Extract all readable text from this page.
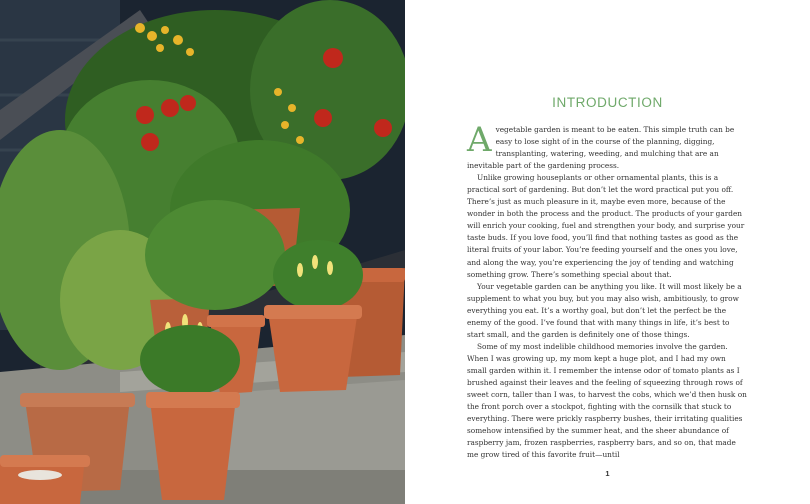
INTRODUCTION

A vegetable garden is meant to be eaten. This simple truth can be easy to lose sight of in the course of the planning, digging, transplanting, watering, weeding, and mulching that are an inevitable part of the gardening process.

Unlike growing houseplants or other ornamental plants, this is a practical sort of gardening. But don’t let the word practical put you off. There’s just as much pleasure in it, maybe even more, because of the wonder in both the process and the product. The products of your garden will enrich your cooking, fuel and strengthen your body, and surprise your taste buds. If you love food, you’ll find that nothing tastes as good as the literal fruits of your labor. You’re feeding yourself and the ones you love, and along the way, you’re experiencing the joy of tending and watching something grow. There’s something special about that.

Your vegetable garden can be anything you like. It will most likely be a supplement to what you buy, but you may also wish, ambitiously, to grow everything you eat. It’s a worthy goal, but don’t let the perfect be the enemy of the good. I’ve found that with many things in life, it’s best to start small, and the garden is definitely one of those things.

Some of my most indelible childhood memories involve the garden. When I was growing up, my mom kept a huge plot, and I had my own small garden within it. I remember the intense odor of tomato plants as I brushed against their leaves and the feeling of squeezing through rows of sweet corn, taller than I was, to harvest the cobs, which we’d then husk on the front porch over a stockpot, fighting with the cornsilk that stuck to everything. There were prickly raspberry bushes, their irritating qualities somehow intensified by the summer heat, and the sheer abundance of raspberry jam, frozen raspberries, raspberry bars, and so on, that made me grow tired of this favorite fruit—until

1
